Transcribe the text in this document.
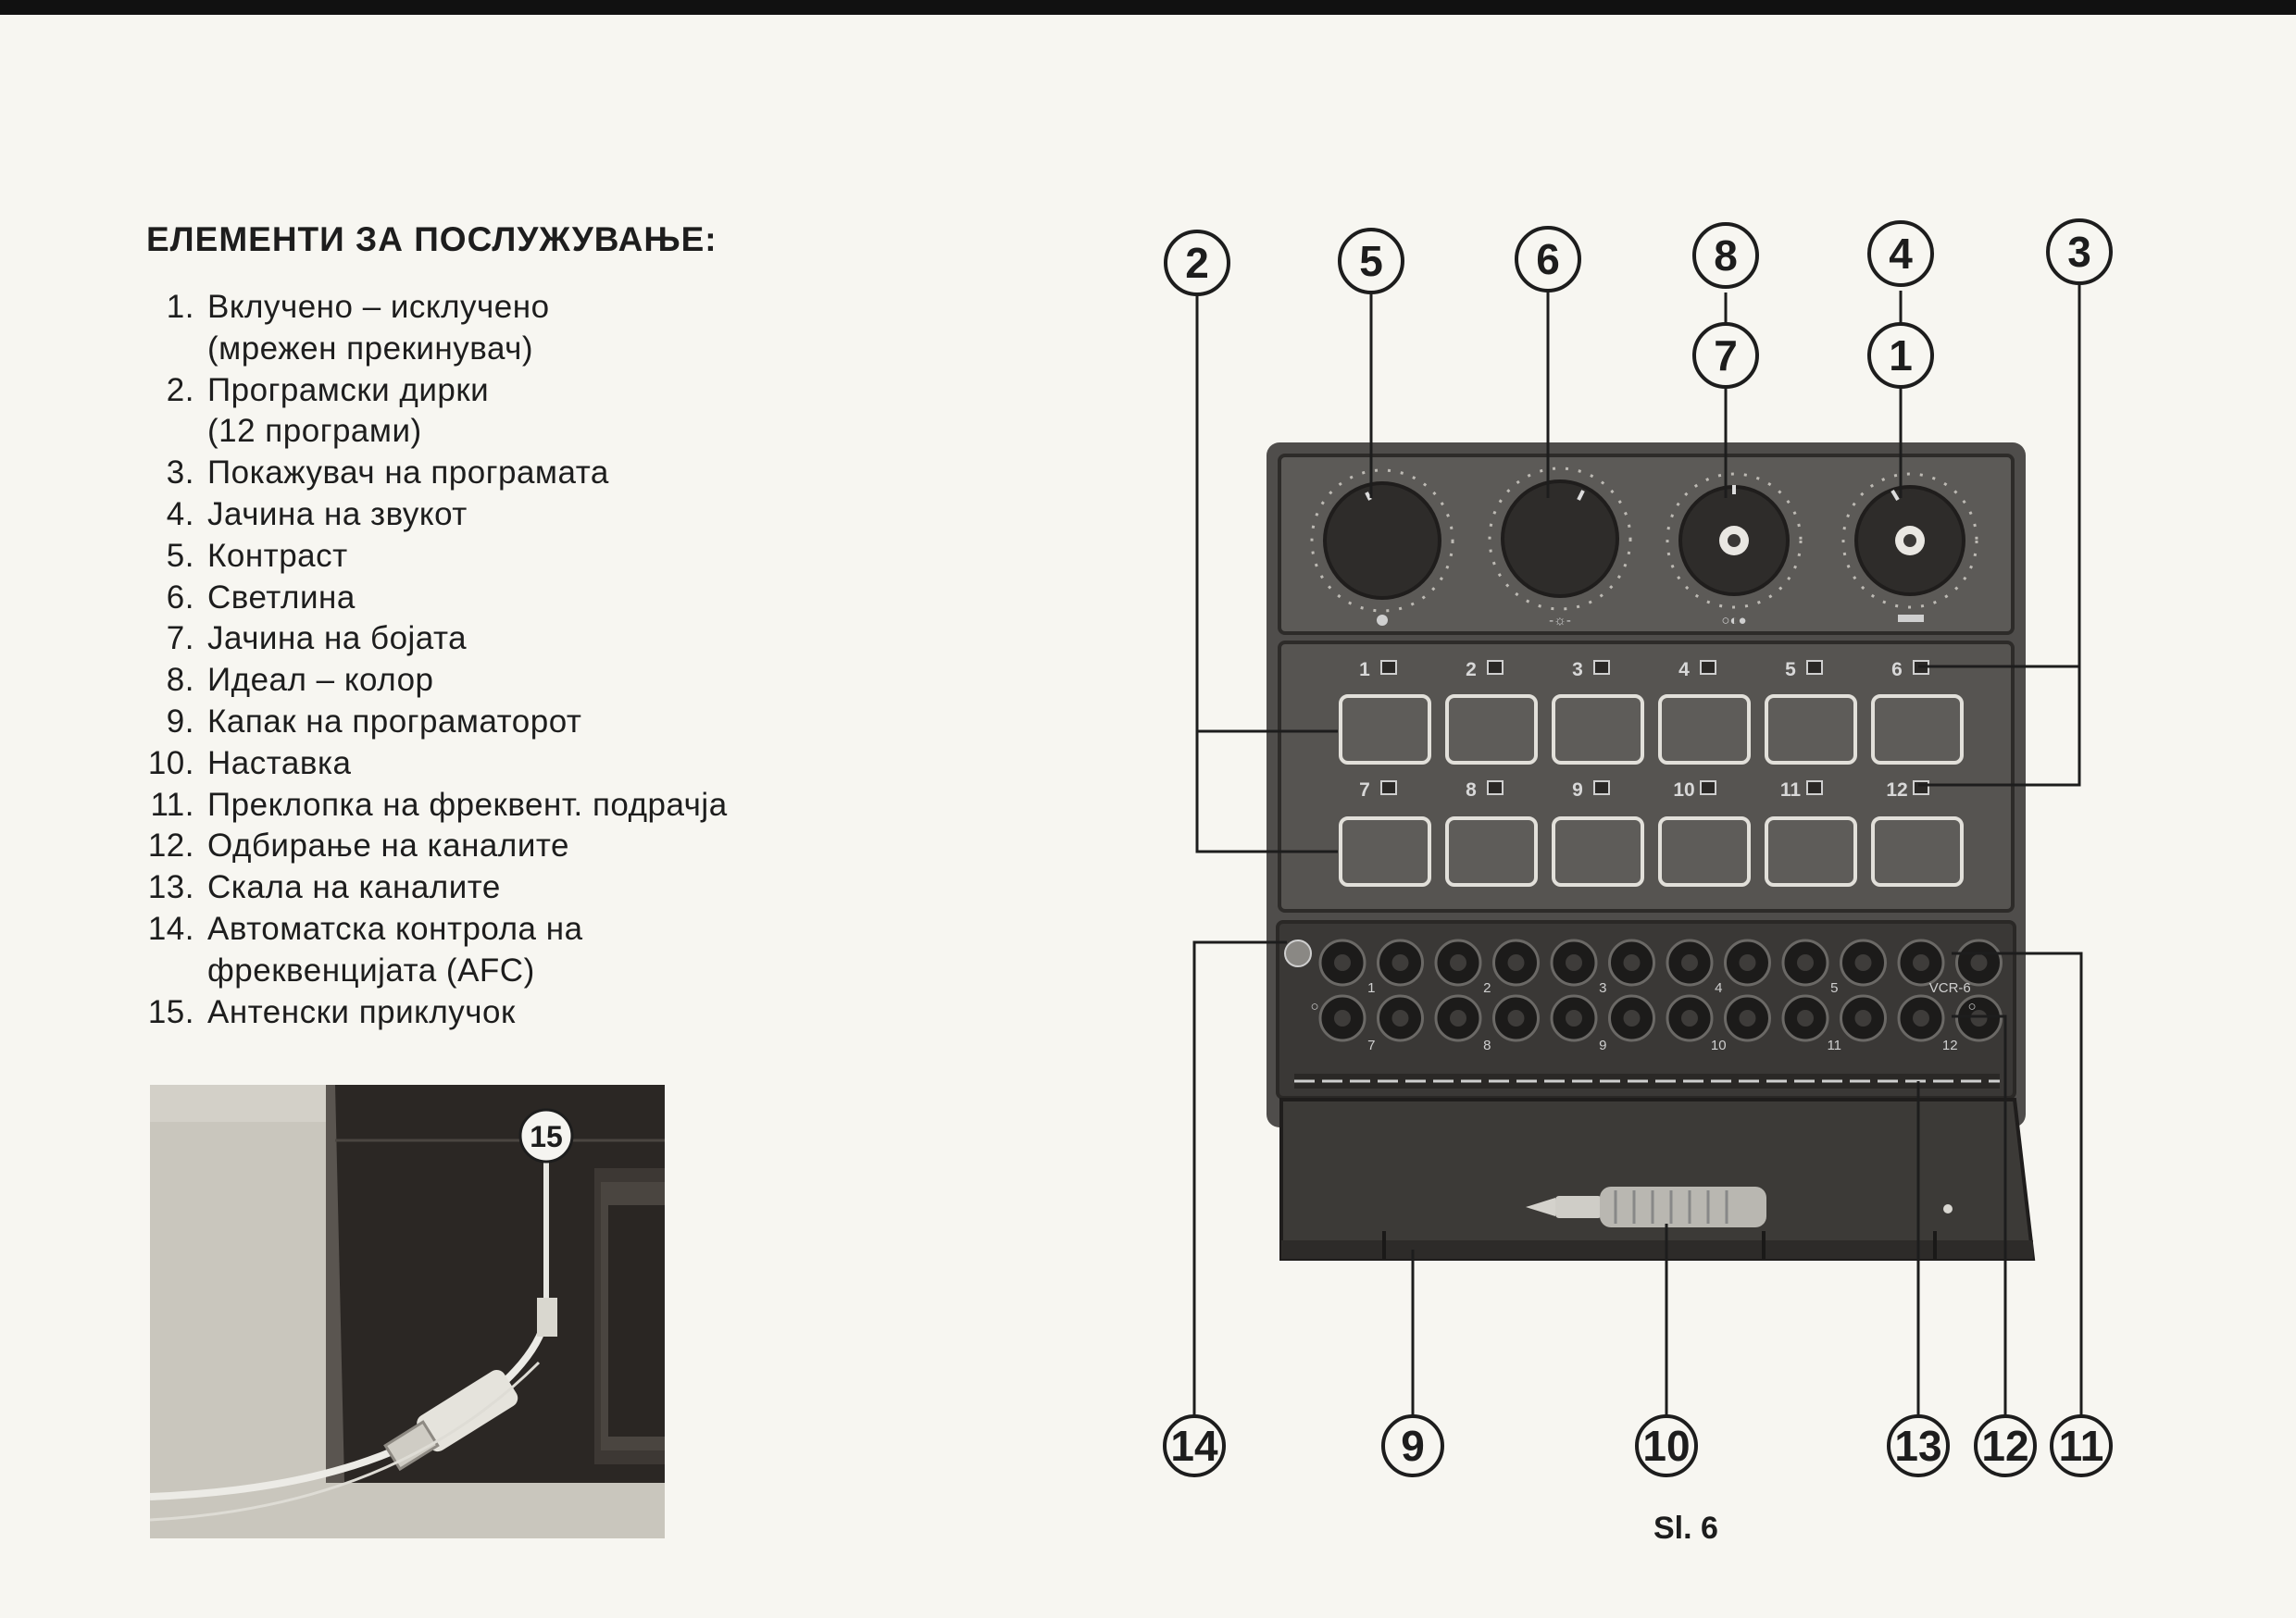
ЕЛЕМЕНТИ ЗА ПОСЛУЖУВАЊЕ:
1. Вклучено – исклучено
(мрежен прекинувач)
2. Програмски дирки
(12 програми)
3. Покажувач на програмата
4. Јачина на звукот
5. Контраст
6. Светлина
7. Јачина на бојата
8. Идеал – колор
9. Капак на програматорот
10. Наставка
11. Преклопка на фреквент. подрачја
12. Одбирање на каналите
13. Скала на каналите
14. Автоматска контрола на
фреквенцијата (AFC)
15. Антенски приклучок
15
-☼-	○◐●
1	2	3	4	5	6
7	8	9	10	11	12
1	2	3	4	5	VCR-6
7	8	9	10	11	12
○
○
2	5	6	8	4	3
7	1
14	9	10	13 12 11
Sl. 6
